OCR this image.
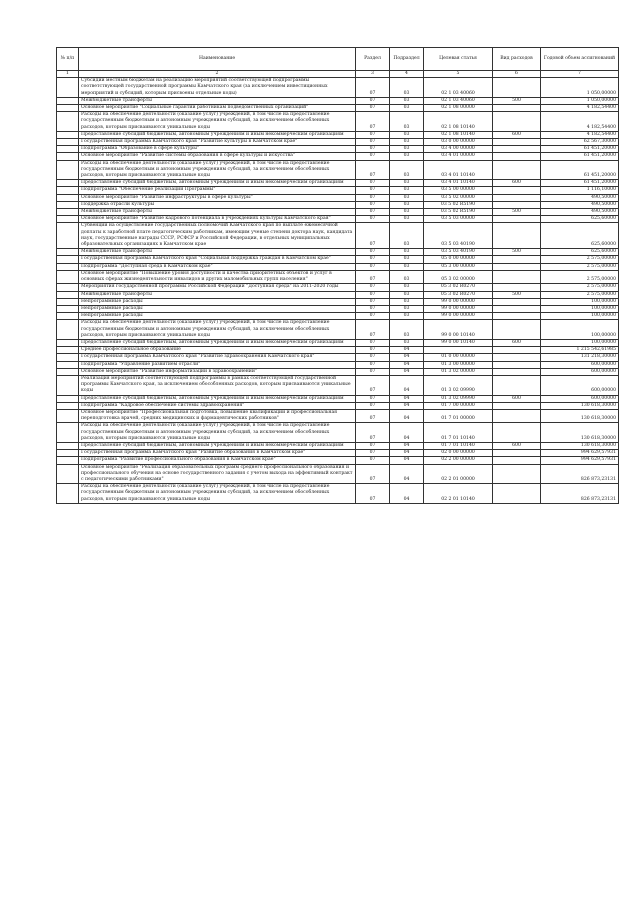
№ п/п	Наименование	Раздел	Подраздел	Целевая статья	Вид расходов	Годовой объем ассигнований
1	2	3	4	5	6	7
	Субсидии местным бюджетам на реализацию мероприятий соответствующей подпрограммы соответствующей государственной программы Камчатского края (за исключением инвестиционных мероприятий и субсидий, которым присвоены отдельные коды)	07	03	02 1 03 40060		1 050,00000
	Межбюджетные трансферты	07	03	02 1 03 40060	500	1 050,00000
	Основное мероприятие "Социальные гарантии работникам подведомственных организаций"	07	03	02 1 08 00000		4 182,54400
	Расходы на обеспечение деятельности (оказание услуг) учреждений, в том числе на предоставление государственным бюджетным и автономным учреждениям субсидий, за исключением обособленных расходов, которым присваиваются уникальные коды	07	03	02 1 08 10140		4 182,54400
	Предоставление субсидий бюджетным, автономным учреждениям и иным некоммерческим организациям	07	03	02 1 08 10140	600	4 182,54400
	Государственная программа Камчатского края "Развитие культуры в Камчатском крае"	07	03	03 0 00 00000		62 567,30000
	Подпрограмма "Образование в сфере культуры"	07	03	03 4 00 00000		61 451,20000
	Основное мероприятие "Развитие системы образования в сфере культуры и искусства"	07	03	03 4 01 00000		61 451,20000
	Расходы на обеспечение деятельности (оказание услуг) учреждений, в том числе на предоставление государственным бюджетным и автономным учреждениям субсидий, за исключением обособленных расходов, которым присваиваются уникальные коды	07	03	03 4 01 10140		61 451,20000
	Предоставление субсидий бюджетным, автономным учреждениям и иным некоммерческим организациям	07	03	03 4 01 10140	600	61 451,20000
	Подпрограмма "Обеспечение реализации Программы"	07	03	03 5 00 00000		1 116,10000
	Основное мероприятие "Развитие инфраструктуры в сфере культуры"	07	03	03 5 02 00000		490,50000
	Поддержка отрасли культуры	07	03	03 5 02 R5190		490,50000
	Межбюджетные трансферты	07	03	03 5 02 R5190	500	490,50000
	Основное мероприятие "Развитие кадрового потенциала в учреждениях культуры Камчатского края"	07	03	03 5 03 00000		625,60000
	Субвенции на осуществление государственных полномочий Камчатского края по выплате ежемесячной доплаты к заработной плате педагогическим работникам, имеющим ученые степени доктора наук, кандидата наук, государственные награды СССР, РСФСР и Российской Федерации, в отдельных муниципальных образовательных организациях в Камчатском крае	07	03	03 5 03 40190		625,60000
	Межбюджетные трансферты	07	03	03 5 03 40190	500	625,60000
	Государственная программа Камчатского края "Социальная поддержка граждан в Камчатском крае"	07	03	05 0 00 00000		2 575,00000
	Подпрограмма "Доступная среда в Камчатском крае"	07	03	05 3 00 00000		2 575,00000
	Основное мероприятие "Повышение уровня доступности и качества приоритетных объектов и услуг в основных сферах жизнедеятельности инвалидов и других маломобильных групп населения"	07	03	05 3 02 00000		2 575,00000
	Мероприятия государственной программы Российской Федерации "Доступная среда" на 2011-2020 годы	07	03	05 3 02 R0270		2 575,00000
	Межбюджетные трансферты	07	03	05 3 02 R0270	500	2 575,00000
	Непрограммные расходы	07	03	99 0 00 00000		100,00000
	Непрограммные расходы	07	03	99 0 00 00000		100,00000
	Непрограммные расходы	07	03	99 0 00 00000		100,00000
	Расходы на обеспечение деятельности (оказание услуг) учреждений, в том числе на предоставление государственным бюджетным и автономным учреждениям субсидий, за исключением обособленных расходов, которым присваиваются уникальные коды	07	03	99 0 00 10140		100,00000
	Предоставление субсидий бюджетным, автономным учреждениям и иным некоммерческим организациям	07	03	99 0 00 10140	600	100,00000
	Среднее профессиональное образование	07	04			1 215 542,61985
	Государственная программа Камчатского края "Развитие здравоохранения Камчатского края"	07	04	01 0 00 00000		131 218,30000
	Подпрограмма "Управление развитием отрасли"	07	04	01 3 00 00000		600,00000
	Основное мероприятие "Развитие информатизации в здравоохранении"	07	04	01 3 02 00000		600,00000
	Реализация мероприятий соответствующей подпрограммы в рамках соответствующей государственной программы Камчатского края, за исключением обособленных расходов, которым присваиваются уникальные коды	07	04	01 3 02 09990		600,00000
	Предоставление субсидий бюджетным, автономным учреждениям и иным некоммерческим организациям	07	04	01 3 02 09990	600	600,00000
	Подпрограмма "Кадровое обеспечение системы здравоохранения"	07	04	01 7 00 00000		130 618,30000
	Основное мероприятие "Профессиональная подготовка, повышение квалификации и профессиональная переподготовка врачей, средних медицинских и фармацевтических работников"	07	04	01 7 01 00000		130 618,30000
	Расходы на обеспечение деятельности (оказание услуг) учреждений, в том числе на предоставление государственным бюджетным и автономным учреждениям субсидий, за исключением обособленных расходов, которым присваиваются уникальные коды	07	04	01 7 01 10140		130 618,30000
	Предоставление субсидий бюджетным, автономным учреждениям и иным некоммерческим организациям	07	04	01 7 01 10140	600	130 618,30000
	Государственная программа Камчатского края "Развитие образования в Камчатском крае"	07	04	02 0 00 00000		994 629,57931
	Подпрограмма "Развитие профессионального образования в Камчатском крае"	07	04	02 2 00 00000		994 629,57931
	Основное мероприятие "Реализация образовательных программ среднего профессионального образования и профессионального обучения на основе государственного задания с учетом выхода на эффективный контракт с педагогическими работниками"	07	04	02 2 01 00000		826 873,23131
	Расходы на обеспечение деятельности (оказание услуг) учреждений, в том числе на предоставление государственным бюджетным и автономным учреждениям субсидий, за исключением обособленных расходов, которым присваиваются уникальные коды	07	04	02 2 01 10140		826 873,23131
